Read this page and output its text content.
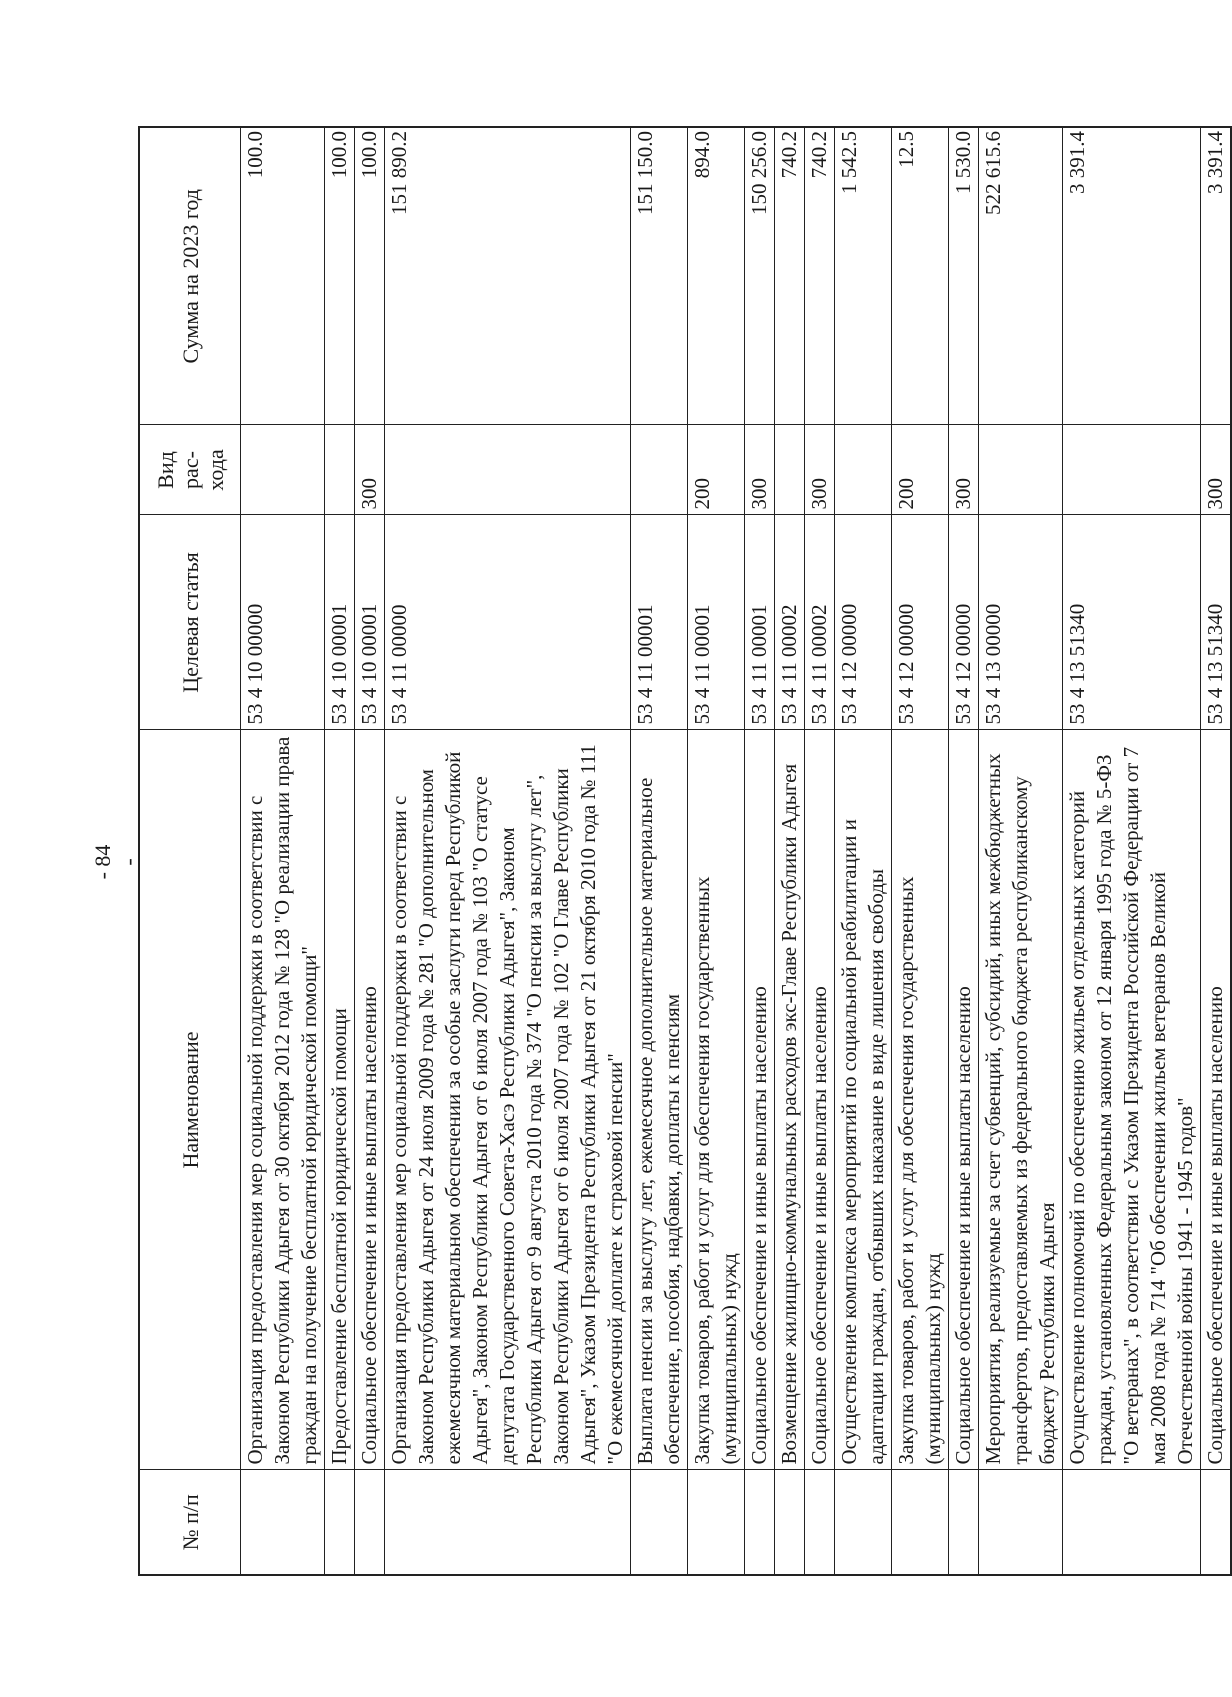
- 84 -
№ п/п	Наименование	Целевая статья	Вид рас-хода	Сумма на 2023 год
	Организация предоставления мер социальной поддержки в соответствии с Законом Республики Адыгея от 30 октября 2012 года № 128 "О реализации права граждан на получение бесплатной юридической помощи"	53 4 10 00000		100.0
	Предоставление бесплатной юридической помощи	53 4 10 00001		100.0
	Социальное обеспечение и иные выплаты населению	53 4 10 00001	300	100.0
	Организация предоставления мер социальной поддержки в соответствии с Законом Республики Адыгея от 24 июля 2009 года № 281 "О дополнительном ежемесячном материальном обеспечении за особые заслуги перед Республикой Адыгея", Законом Республики Адыгея от 6 июля 2007 года № 103 "О статусе депутата Государственного Совета-Хасэ Республики Адыгея", Законом Республики Адыгея от 9 августа 2010 года № 374 "О пенсии за выслугу лет", Законом Республики Адыгея от 6 июля 2007 года № 102 "О Главе Республики Адыгея", Указом Президента Республики Адыгея от 21 октября 2010 года № 111 "О ежемесячной доплате к страховой пенсии"	53 4 11 00000		151 890.2
	Выплата пенсии за выслугу лет, ежемесячное дополнительное материальное обеспечение, пособия, надбавки, доплаты к пенсиям	53 4 11 00001		151 150.0
	Закупка товаров, работ и услуг для обеспечения государственных (муниципальных) нужд	53 4 11 00001	200	894.0
	Социальное обеспечение и иные выплаты населению	53 4 11 00001	300	150 256.0
	Возмещение жилищно-коммунальных расходов экс-Главе Республики Адыгея	53 4 11 00002		740.2
	Социальное обеспечение и иные выплаты населению	53 4 11 00002	300	740.2
	Осуществление комплекса мероприятий по социальной реабилитации и адаптации граждан, отбывших наказание в виде лишения свободы	53 4 12 00000		1 542.5
	Закупка товаров, работ и услуг для обеспечения государственных (муниципальных) нужд	53 4 12 00000	200	12.5
	Социальное обеспечение и иные выплаты населению	53 4 12 00000	300	1 530.0
	Мероприятия, реализуемые за счет субвенций, субсидий, иных межбюджетных трансфертов, предоставляемых из федерального бюджета республиканскому бюджету Республики Адыгея	53 4 13 00000		522 615.6
	Осуществление полномочий по обеспечению жильем отдельных категорий граждан, установленных Федеральным законом от 12 января 1995 года № 5-ФЗ "О ветеранах", в соответствии с Указом Президента Российской Федерации от 7 мая 2008 года № 714 "Об обеспечении жильем ветеранов Великой Отечественной войны 1941 - 1945 годов"	53 4 13 51340		3 391.4
	Социальное обеспечение и иные выплаты населению	53 4 13 51340	300	3 391.4
